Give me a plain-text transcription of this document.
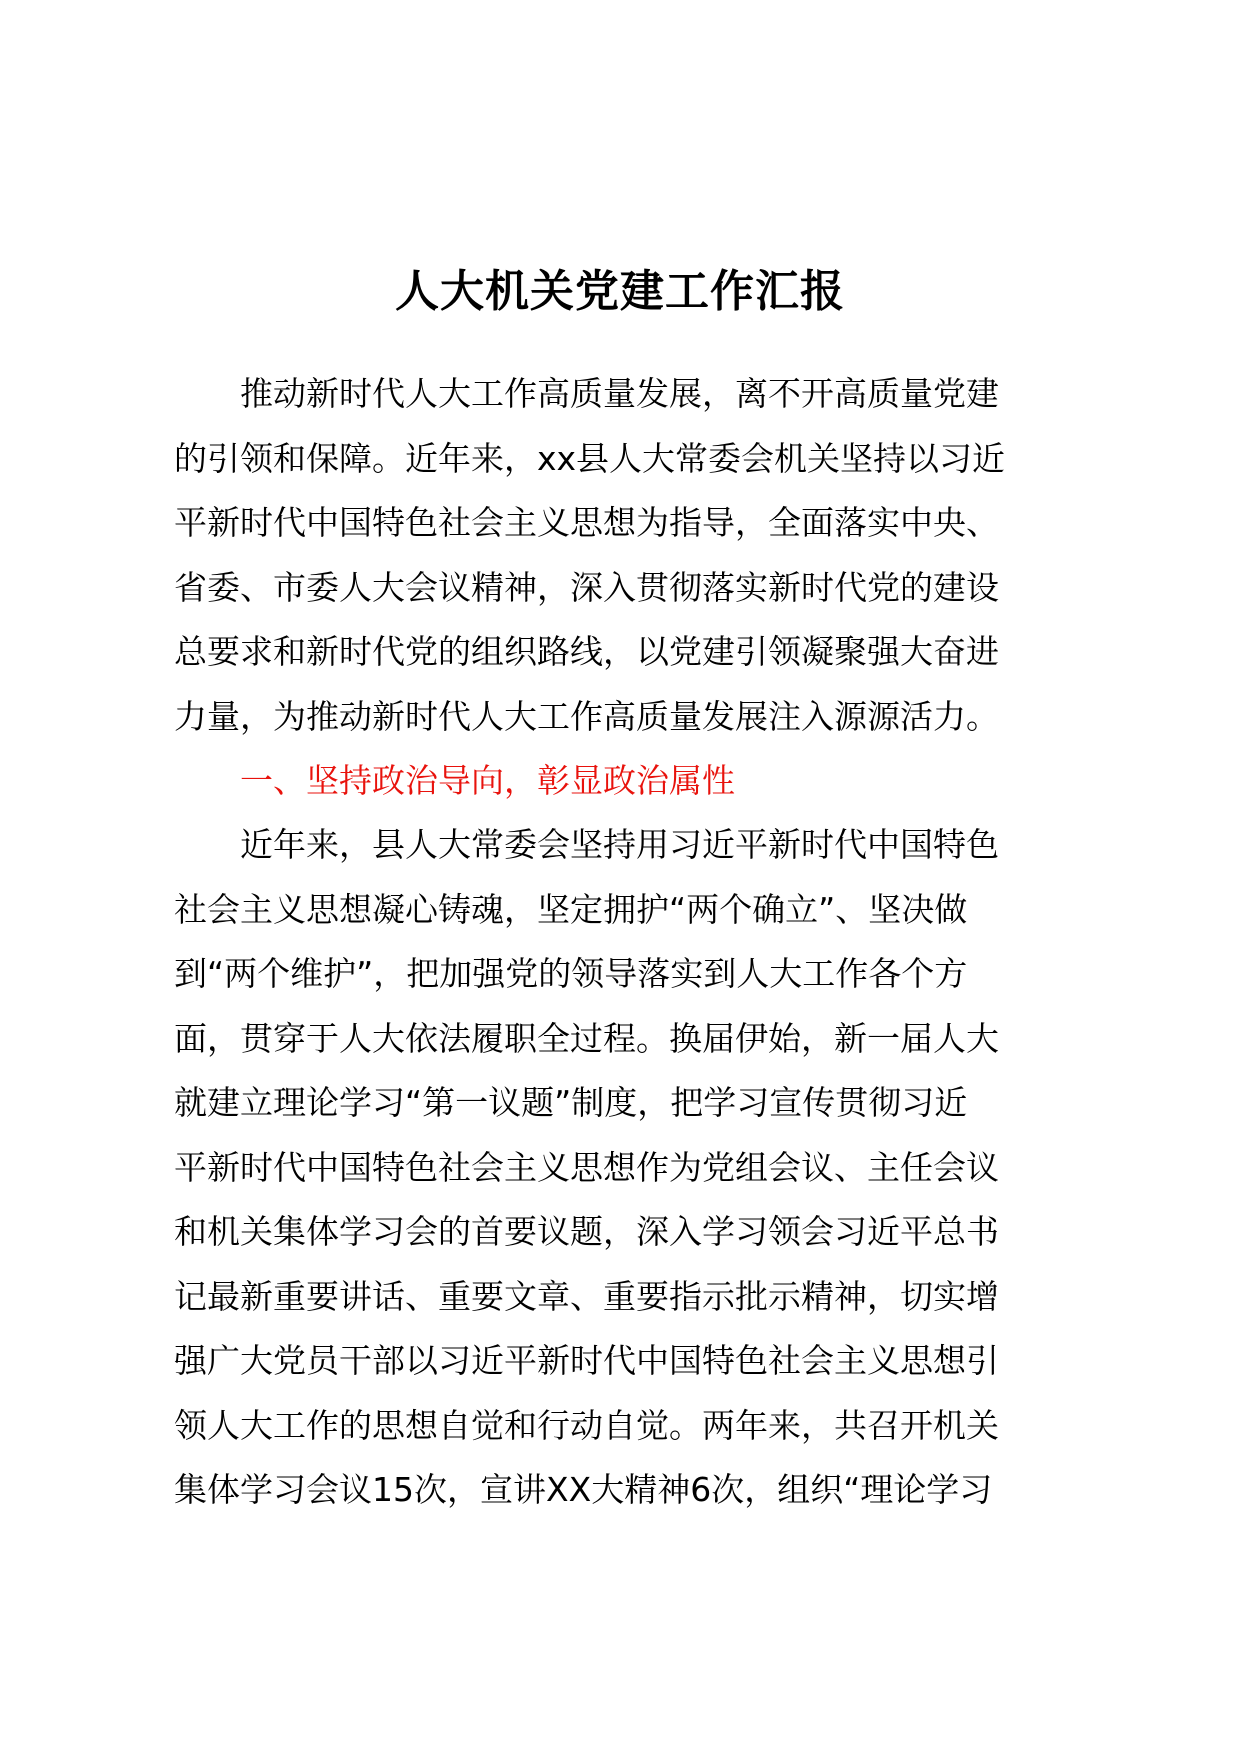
人大机关党建工作汇报
推动新时代人大工作高质量发展，离不开高质量党建
的引领和保障。近年来，xx县人大常委会机关坚持以习近
平新时代中国特色社会主义思想为指导，全面落实中央、
省委、市委人大会议精神，深入贯彻落实新时代党的建设
总要求和新时代党的组织路线，以党建引领凝聚强大奋进
力量，为推动新时代人大工作高质量发展注入源源活力。
一、坚持政治导向，彰显政治属性
近年来，县人大常委会坚持用习近平新时代中国特色
社会主义思想凝心铸魂，坚定拥护“两个确立”、坚决做
到“两个维护”，把加强党的领导落实到人大工作各个方
面，贯穿于人大依法履职全过程。换届伊始，新一届人大
就建立理论学习“第一议题”制度，把学习宣传贯彻习近
平新时代中国特色社会主义思想作为党组会议、主任会议
和机关集体学习会的首要议题，深入学习领会习近平总书
记最新重要讲话、重要文章、重要指示批示精神，切实增
强广大党员干部以习近平新时代中国特色社会主义思想引
领人大工作的思想自觉和行动自觉。两年来，共召开机关
集体学习会议15次，宣讲XX大精神6次，组织“理论学习
